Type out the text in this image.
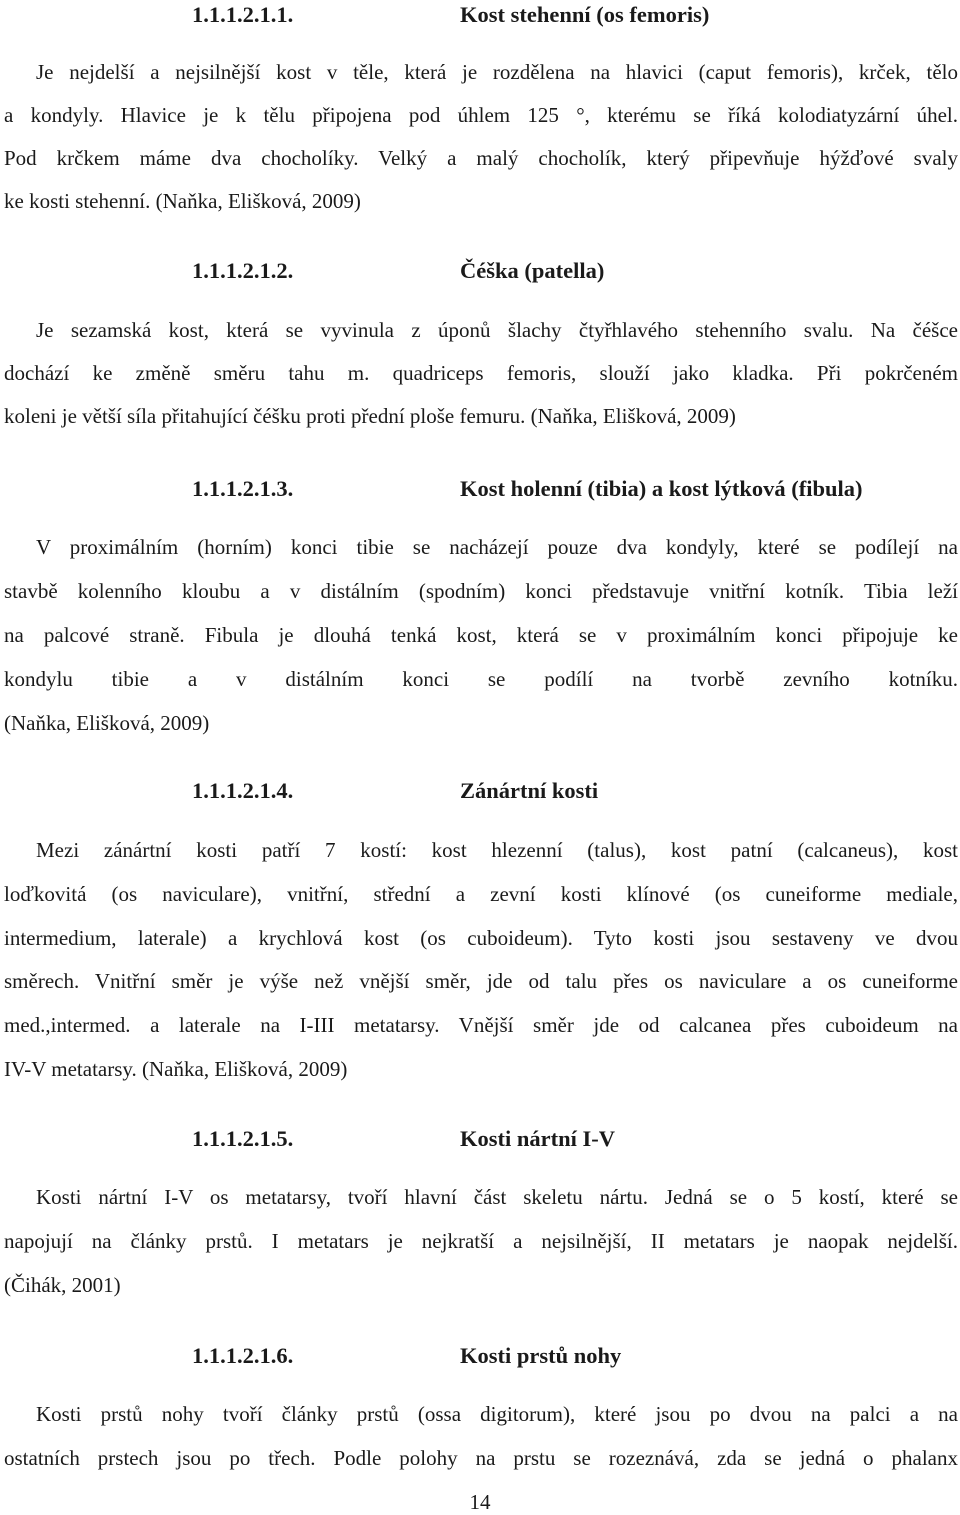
1.1.1.2.1.1.	Kost stehenní (os femoris)
Je nejdelší a nejsilnější kost v těle, která je rozdělena na hlavici (caput femoris), krček, tělo
a kondyly. Hlavice je k tělu připojena pod úhlem 125 °, kterému se říká kolodiatyzární úhel.
Pod krčkem máme dva chocholíky. Velký a malý chocholík, který připevňuje hýžďové svaly
ke kosti stehenní. (Naňka, Elišková, 2009)
1.1.1.2.1.2.	Čéška (patella)
Je sezamská kost, která se vyvinula z úponů šlachy čtyřhlavého stehenního svalu. Na čéšce
dochází ke změně směru tahu m. quadriceps femoris, slouží jako kladka. Při pokrčeném
koleni je větší síla přitahující čéšku proti přední ploše femuru. (Naňka, Elišková, 2009)
1.1.1.2.1.3.	Kost holenní (tibia) a kost lýtková (fibula)
V proximálním (horním) konci tibie se nacházejí pouze dva kondyly, které se podílejí na
stavbě kolenního kloubu a v distálním (spodním) konci představuje vnitřní kotník. Tibia leží
na palcové straně. Fibula je dlouhá tenká kost, která se v proximálním konci připojuje ke
kondylu tibie a v distálním konci se podílí na tvorbě zevního kotníku.
(Naňka, Elišková, 2009)
1.1.1.2.1.4.	Zánártní kosti
Mezi zánártní kosti patří 7 kostí: kost hlezenní (talus), kost patní (calcaneus), kost
loďkovitá (os naviculare), vnitřní, střední a zevní kosti klínové (os cuneiforme mediale,
intermedium, laterale) a krychlová kost (os cuboideum). Tyto kosti jsou sestaveny ve dvou
směrech. Vnitřní směr je výše než vnější směr, jde od talu přes os naviculare a os cuneiforme
med.,intermed. a laterale na I-III metatarsy. Vnější směr jde od calcanea přes cuboideum na
IV-V metatarsy. (Naňka, Elišková, 2009)
1.1.1.2.1.5.	Kosti nártní I-V
Kosti nártní I-V os metatarsy, tvoří hlavní část skeletu nártu. Jedná se o 5 kostí, které se
napojují na články prstů. I metatars je nejkratší a nejsilnější, II metatars je naopak nejdelší.
(Čihák, 2001)
1.1.1.2.1.6.	Kosti prstů nohy
Kosti prstů nohy tvoří články prstů (ossa digitorum), které jsou po dvou na palci a na
ostatních prstech jsou po třech. Podle polohy na prstu se rozeznává, zda se jedná o phalanx
14
